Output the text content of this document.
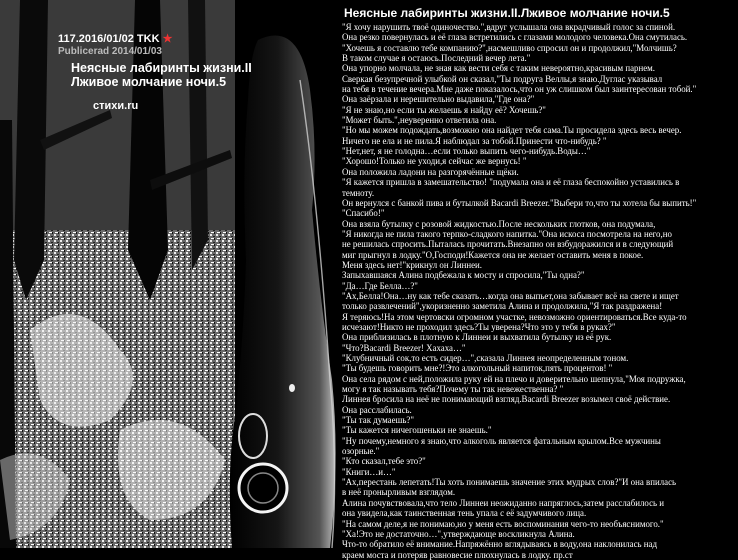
117.2016/01/02 TKK ★
Publicerad 2014/01/03
Неясные лабиринты жизни.II
Лживое молчание ночи.5
стихи.ru
Неясные лабиринты жизни.II.Лживое молчание ночи.5
"Я хочу нарушить твоё одиночество.",вдруг услышала она вкрадчивый голос за спиной.
Она резко повернулась и её глаза встретились с глазами молодого человека.Она смутилась.
"Хочешь я составлю тебе компанию?",насмешливо спросил он и продолжил,"Молчишь?
В таком случае я остаюсь.Последний вечер лета."
Она упорно молчала, не зная как вести себя с таким невероятно,красивым парнем.
Сверкая безупречной улыбкой он сказал,"Ты подруга Веллы,я знаю.Дуглас указывал
на тебя в течение вечера.Мне даже показалось,что он уж слишком был заинтересован тобой."
Она заёрзала и нерешительно выдавила,"Где она?"
"Я не знаю,но если ты желаешь я найду её? Хочешь?"
"Может быть.",неуверенно ответила она.
"Но мы можем подождать,возможно она найдет тебя сама.Ты просидела здесь весь вечер.
Ничего не ела и не пила.Я наблюдал за тобой.Принести что-нибудь? "
"Нет,нет, я не голодна…если только выпить чего-нибудь.Воды…"
"Хорошо!Только не уходи,я сейчас же вернусь! "
Она положила ладони на разгорячённые щёки.
"Я кажется пришла в замешательство! "подумала она и её глаза беспокойно уставились в
темноту.
Он вернулся с банкой пива и бутылкой Bacardi Breezer."Выбери то,что ты хотела бы выпить!"
"Спасибо!"
Она взяла бутылку с розовой жидкостью.После нескольких глотков, она подумала,
"Я никогда не пила такого терпко-сладкого напитка."Она искоса посмотрела на него,но
не решилась спросить.Пыталась прочитать.Внезапно он взбудоражился и в следующий
миг прыгнул в лодку."О,Господи!Кажется она не желает оставить меня в покое.
Меня здесь нет!"крикнул он Линнеи.
Запыхавшаяся Алина подбежала к мосту и спросила,"Ты одна?"
"Да…Где Белла…?"
"Ах,Белла!Она…ну как тебе сказать…когда она выпьет,она забывает всё на свете и ищет
только развлечений",укоризненно заметила Алина и продолжила,"Я так раздражена!
Я теряюсь!На этом чертовски огромном участке, невозможно ориентироваться.Все куда-то
исчезают!Никто не проходил здесь?Ты уверена?Что это у тебя в руках?"
Она приблизилась в плотную к Линнеи и выхватила бутылку из её рук.
"Что?Bacardi Breezer! Хахаха…"
"Клубничный сок,то есть сидер…",сказала Линнея неопределенным тоном.
"Ты будешь говорить мне?!Это алкогольный напиток,пять процентов! "
Она села рядом с ней,положила руку ей на плечо и доверительно шепнула,"Моя подружка,
могу я так называть тебя?Почему ты так невежественна? "
Линнея бросила на неё не понимающий взгляд.Bacardi Breezer возымел своё действие.
Она расслабилась.
"Ты так думаешь?"
"Ты кажется ничегошеньки не знаешь."
"Ну почему,немного я знаю,что алкоголь является фатальным крылом.Все мужчины
озорные."
"Кто сказал,тебе это?"
"Книги…и…"
"Ах,перестань лепетать!Ты хоть понимаешь значение этих мудрых слов?"И она впилась
в неё пронырливым взглядом.
Алина почувствовала,что тело Линнеи неожиданно напряглось,затем расслабилось и
она увидела,как таинственная тень упала с её задумчивого лица.
"На самом деле,я не понимаю,но у меня есть воспоминания чего-то необъяснимого."
"Ха!Это не достаточно…",утверждающе воскликнула Алина.
Что-то обратило её внимание.Напряжённо вглядываясь в воду,она наклонилась над
краем моста и потеряв равновесие плюхнулась в лодку. пр.ст
